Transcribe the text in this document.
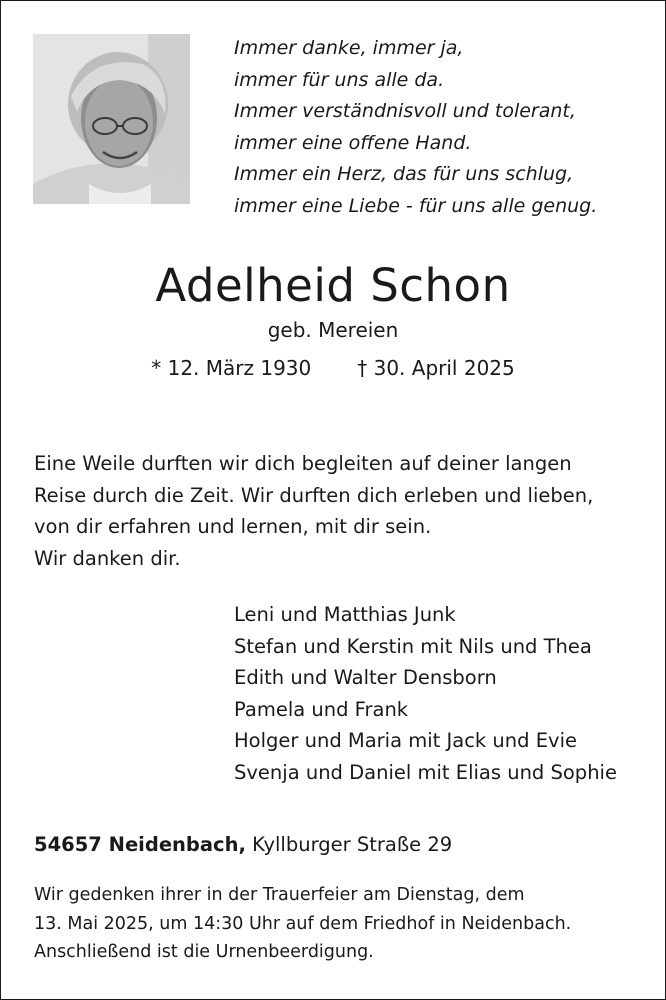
Immer danke, immer ja,
immer für uns alle da.
Immer verständnisvoll und tolerant,
immer eine offene Hand.
Immer ein Herz, das für uns schlug,
immer eine Liebe - für uns alle genug.
Adelheid Schon
geb. Mereien
* 12. März 1930 † 30. April 2025
Eine Weile durften wir dich begleiten auf deiner langen
Reise durch die Zeit. Wir durften dich erleben und lieben,
von dir erfahren und lernen, mit dir sein.
Wir danken dir.
Leni und Matthias Junk
Stefan und Kerstin mit Nils und Thea
Edith und Walter Densborn
Pamela und Frank
Holger und Maria mit Jack und Evie
Svenja und Daniel mit Elias und Sophie
54657 Neidenbach, Kyllburger Straße 29
Wir gedenken ihrer in der Trauerfeier am Dienstag, dem
13. Mai 2025, um 14:30 Uhr auf dem Friedhof in Neidenbach.
Anschließend ist die Urnenbeerdigung.
